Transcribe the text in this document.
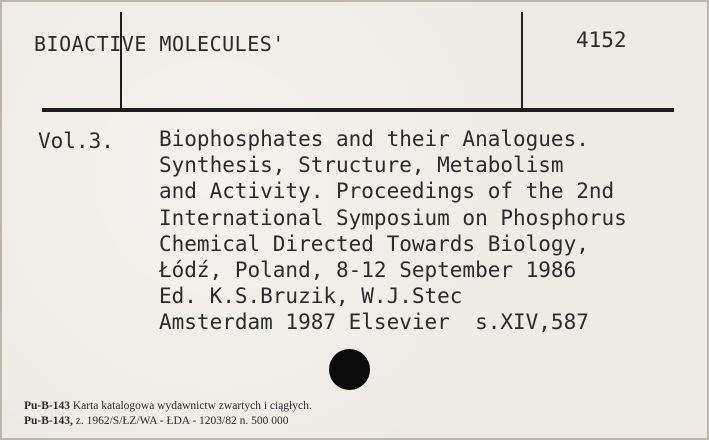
BIOACTIVE MOLECULES'	4152
Vol.3. Biophosphates and their Analogues.
Synthesis, Structure, Metabolism
and Activity. Proceedings of the 2nd
International Symposium on Phosphorus
Chemical Directed Towards Biology,
Łódź, Poland, 8-12 September 1986
Ed. K.S.Bruzik, W.J.Stec
Amsterdam 1987 Elsevier  s.XIV,587
Pu-B-143 Karta katalogowa wydawnictw zwartych i ciągłych.
Pu-B-143, z. 1962/S/ŁZ/WA - ŁDA - 1203/82 n. 500 000
